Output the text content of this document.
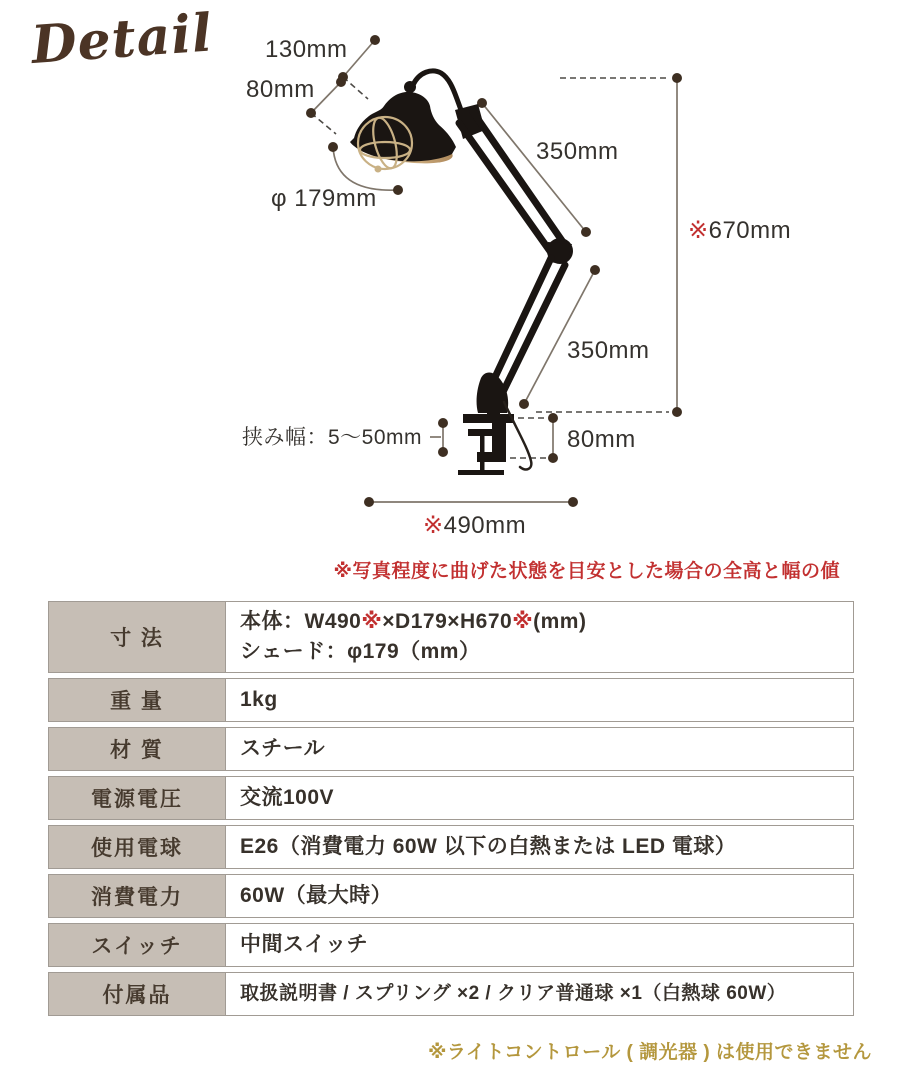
Detail	130mm
80mm
φ 179mm
350mm
※670mm
350mm
挟み幅：5〜50mm	80mm
※490mm
※写真程度に曲げた状態を目安とした場合の全高と幅の値
寸 法
本体：W490※×D179×H670※(mm)
シェード：φ179（mm）
重 量	1kg
材 質	スチール
電源電圧	交流100V
使用電球	E26（消費電力 60W 以下の白熱または LED 電球）
消費電力	60W（最大時）
スイッチ	中間スイッチ
付属品	取扱説明書 / スプリング ×2 / クリア普通球 ×1（白熱球 60W）
※ライトコントロール ( 調光器 ) は使用できません
